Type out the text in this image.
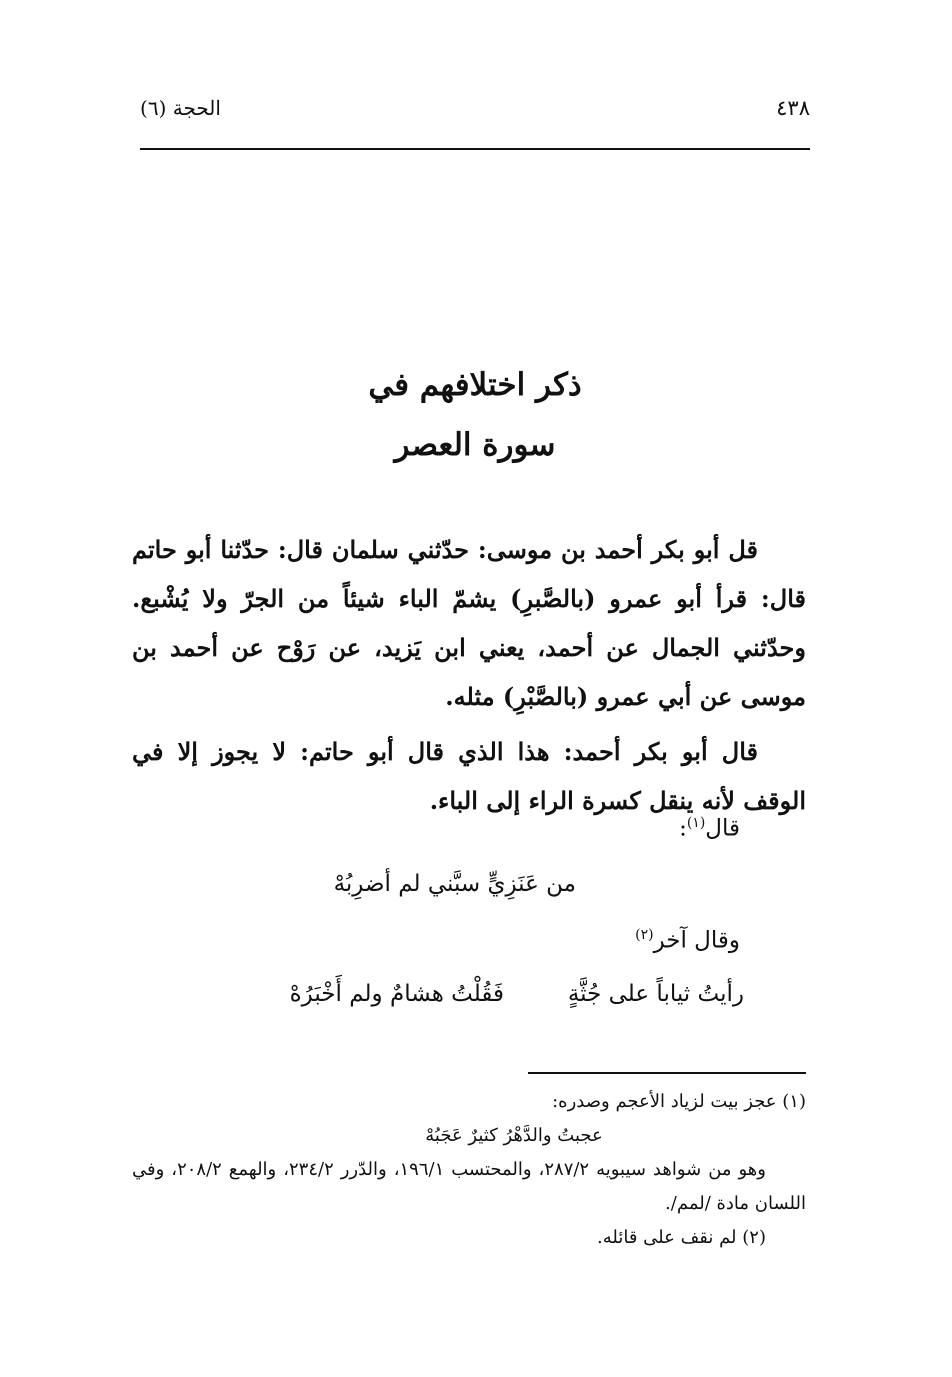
٤٣٨
الحجة (٦)
ذكر اختلافهم في
سورة العصر

قل أبو بكر أحمد بن موسى: حدّثني سلمان قال: حدّثنا أبو حاتم قال: قرأ أبو عمرو (بالصَّبرِ) يشمّ الباء شيئاً من الجرّ ولا يُشْبع. وحدّثني الجمال عن أحمد، يعني ابن يَزيد، عن رَوْح عن أحمد بن موسى عن أبي عمرو (بالصَّبْرِ) مثله.

قال أبو بكر أحمد: هذا الذي قال أبو حاتم: لا يجوز إلا في الوقف لأنه ينقل كسرة الراء إلى الباء.

قال$^{(١)}$:
من عَنَزِيٍّ سبَّني لم أضرِبُهْ
وقال آخر$^{(٢)}$
رأيتُ ثياباً على جُثَّةٍ
فَقُلْتُ هشامٌ ولم أَخْبَرُهْ

(١) عجز بيت لزياد الأعجم وصدره:

عجبتُ والدَّهْرُ كثيرٌ عَجَبُهْ

وهو من شواهد سيبويه ٢٨٧/٢، والمحتسب ١٩٦/١، والدّرر ٢٣٤/٢، والهمع ٢٠٨/٢، وفي اللسان مادة /لمم/.

(٢) لم نقف على قائله.
